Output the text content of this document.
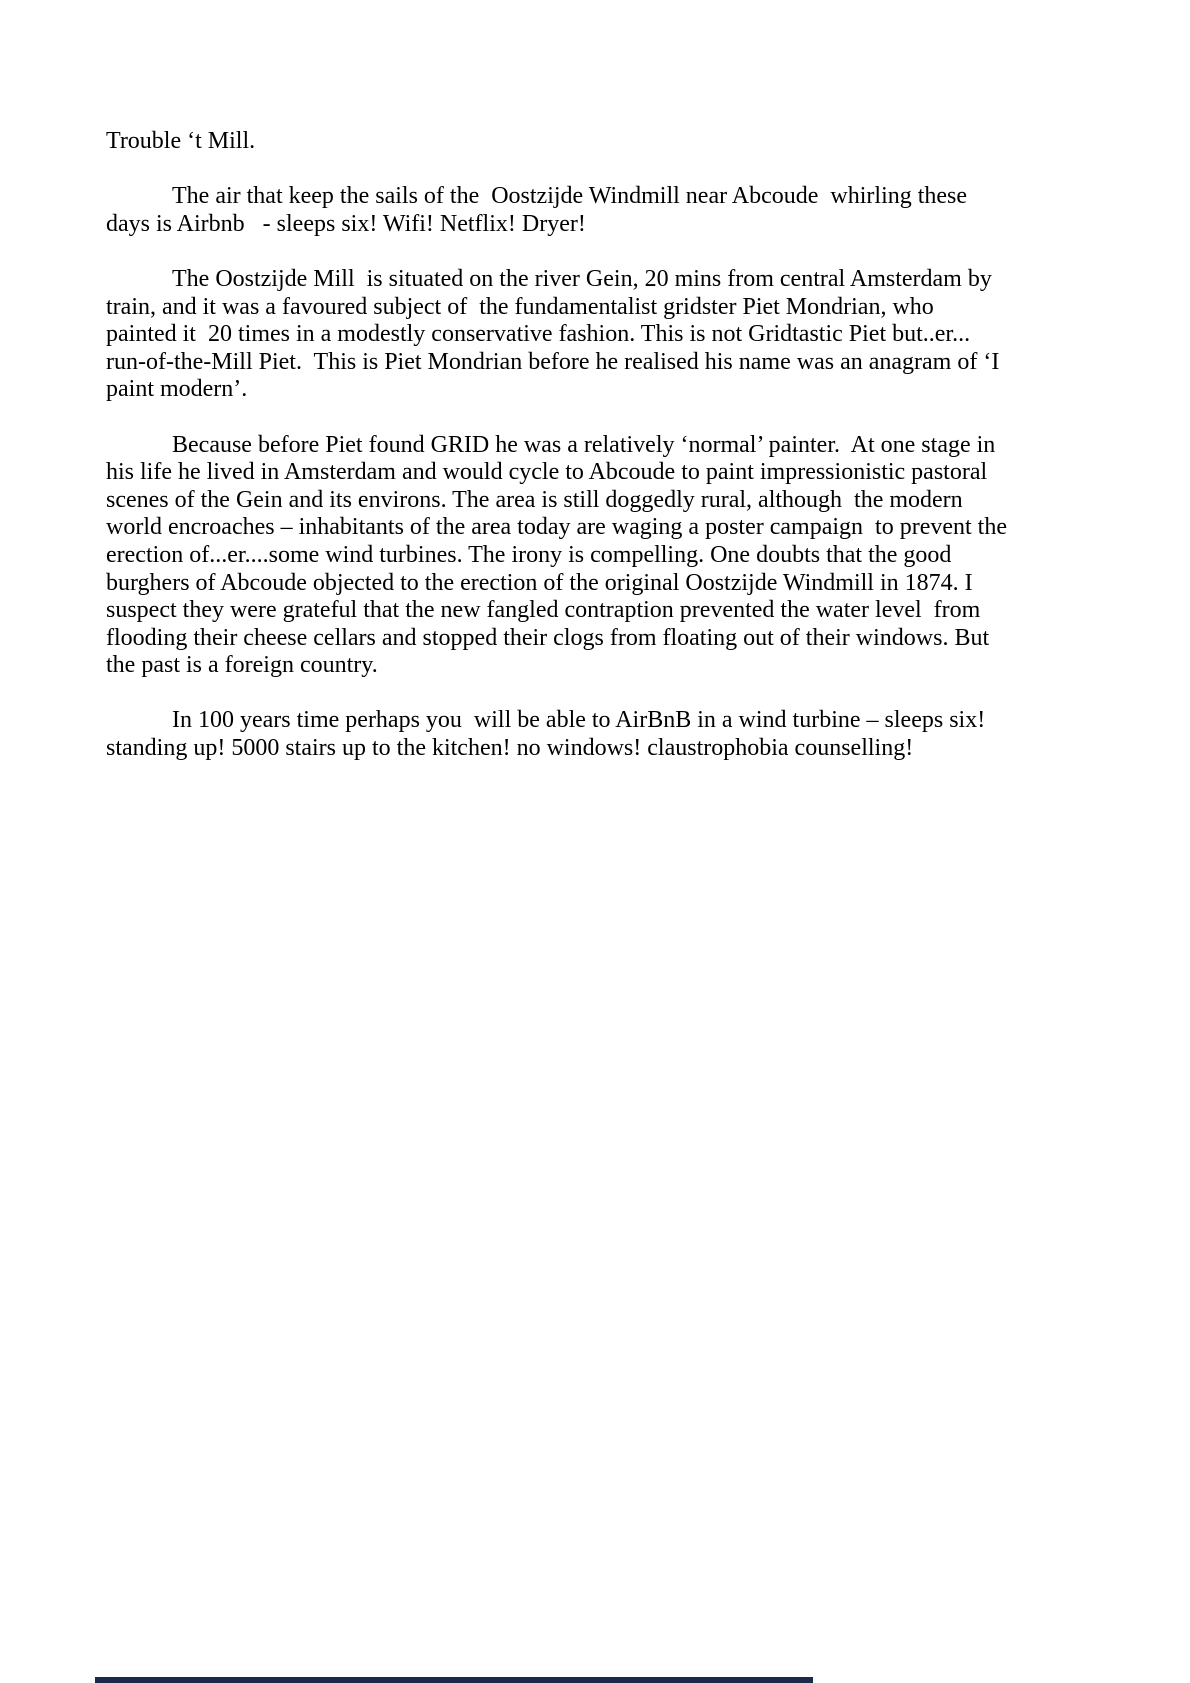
Trouble ‘t Mill.

The air that keep the sails of the  Oostzijde Windmill near Abcoude  whirling these days is Airbnb   - sleeps six! Wifi! Netflix! Dryer!

The Oostzijde Mill  is situated on the river Gein, 20 mins from central Amsterdam by train, and it was a favoured subject of  the fundamentalist gridster Piet Mondrian, who painted it  20 times in a modestly conservative fashion. This is not Gridtastic Piet but..er... run-of-the-Mill Piet.  This is Piet Mondrian before he realised his name was an anagram of ‘I paint modern’.

Because before Piet found GRID he was a relatively ‘normal’ painter.  At one stage in his life he lived in Amsterdam and would cycle to Abcoude to paint impressionistic pastoral scenes of the Gein and its environs. The area is still doggedly rural, although  the modern world encroaches – inhabitants of the area today are waging a poster campaign  to prevent the erection of...er....some wind turbines. The irony is compelling. One doubts that the good burghers of Abcoude objected to the erection of the original Oostzijde Windmill in 1874. I suspect they were grateful that the new fangled contraption prevented the water level  from flooding their cheese cellars and stopped their clogs from floating out of their windows. But the past is a foreign country.

In 100 years time perhaps you  will be able to AirBnB in a wind turbine – sleeps six! standing up! 5000 stairs up to the kitchen! no windows! claustrophobia counselling!
